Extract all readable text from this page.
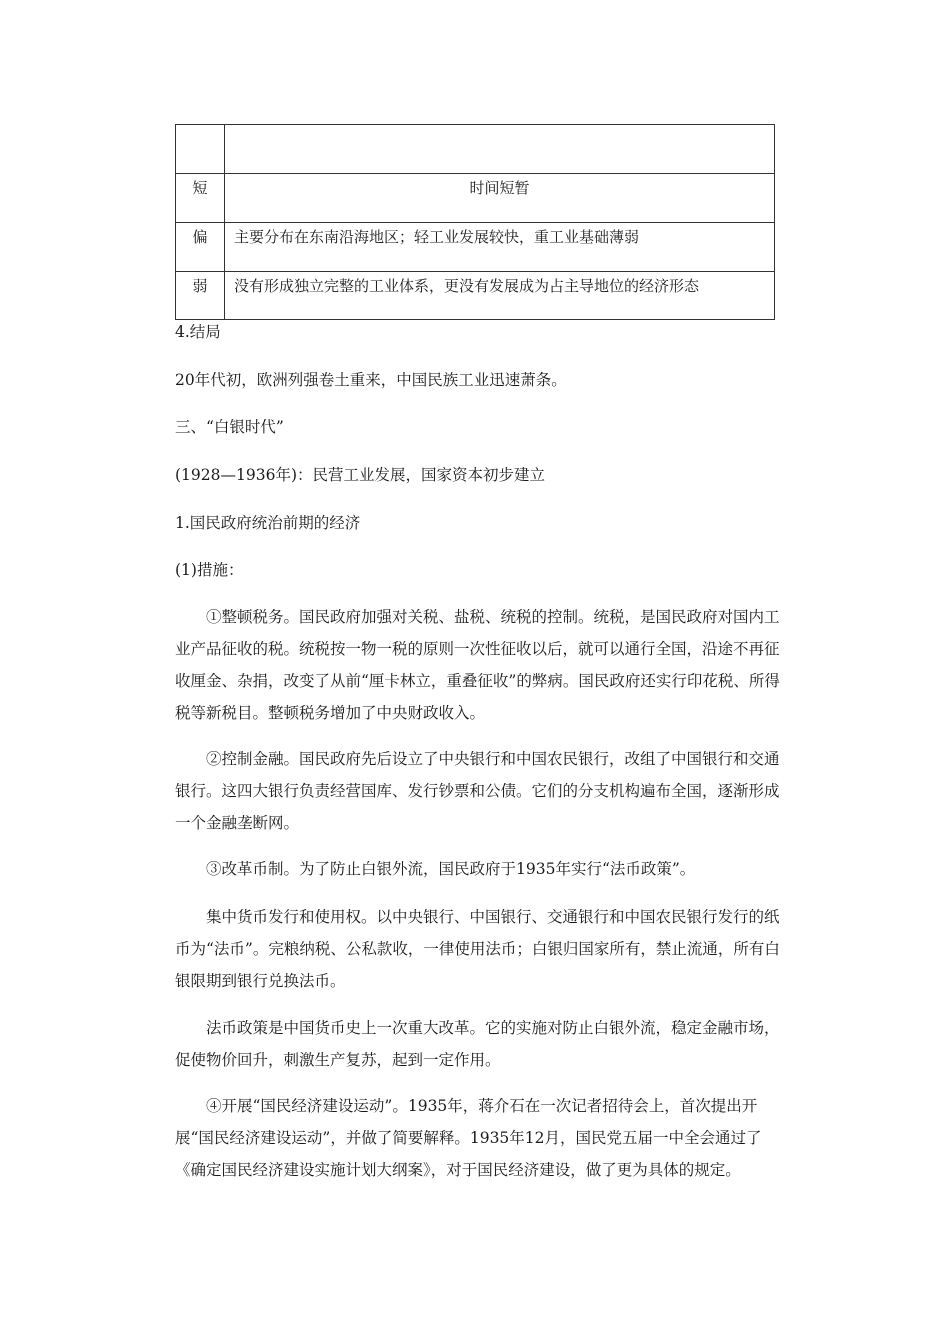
短	时间短暂

偏	主要分布在东南沿海地区；轻工业发展较快，重工业基础薄弱

弱	没有形成独立完整的工业体系，更没有发展成为占主导地位的经济形态

4.结局

20年代初，欧洲列强卷土重来，中国民族工业迅速萧条。

三、“白银时代”

(1928—1936年)：民营工业发展，国家资本初步建立

1.国民政府统治前期的经济

(1)措施：

①整顿税务。国民政府加强对关税、盐税、统税的控制。统税，是国民政府对国内工业产品征收的税。统税按一物一税的原则一次性征收以后，就可以通行全国，沿途不再征收厘金、杂捐，改变了从前“厘卡林立，重叠征收”的弊病。国民政府还实行印花税、所得税等新税目。整顿税务增加了中央财政收入。

②控制金融。国民政府先后设立了中央银行和中国农民银行，改组了中国银行和交通银行。这四大银行负责经营国库、发行钞票和公债。它们的分支机构遍布全国，逐渐形成一个金融垄断网。

③改革币制。为了防止白银外流，国民政府于1935年实行“法币政策”。

集中货币发行和使用权。以中央银行、中国银行、交通银行和中国农民银行发行的纸币为“法币”。完粮纳税、公私款收，一律使用法币；白银归国家所有，禁止流通，所有白银限期到银行兑换法币。

法币政策是中国货币史上一次重大改革。它的实施对防止白银外流，稳定金融市场，促使物价回升，刺激生产复苏，起到一定作用。

④开展“国民经济建设运动”。1935年，蒋介石在一次记者招待会上，首次提出开展“国民经济建设运动”，并做了简要解释。1935年12月，国民党五届一中全会通过了《确定国民经济建设实施计划大纲案》，对于国民经济建设，做了更为具体的规定。
